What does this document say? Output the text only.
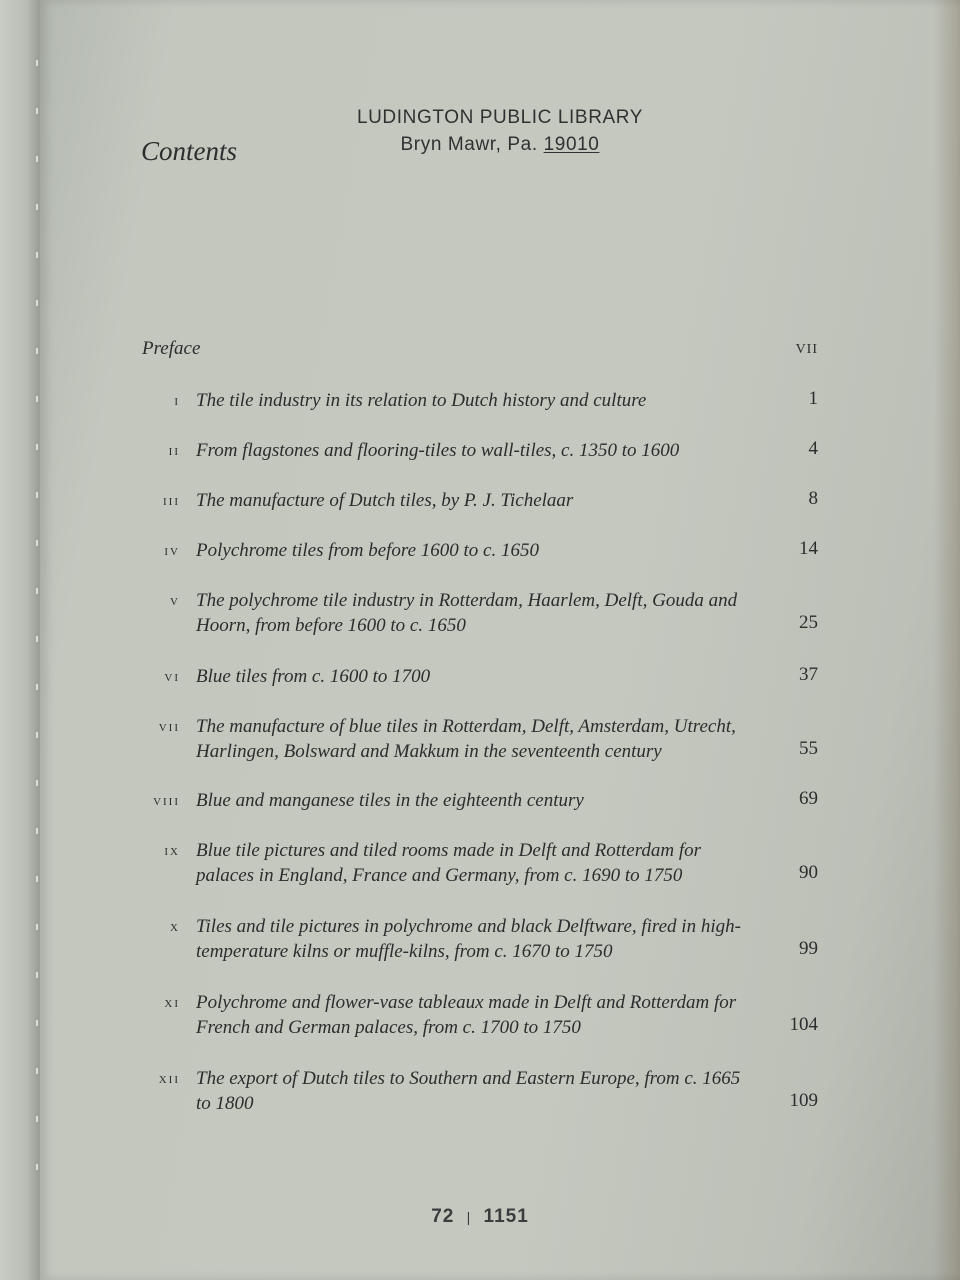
LUDINGTON PUBLIC LIBRARY
Bryn Mawr, Pa. 19010
Contents
Preface	VII
i The tile industry in its relation to Dutch history and culture	1
ii From flagstones and flooring-tiles to wall-tiles, c. 1350 to 1600	4
iii The manufacture of Dutch tiles, by P. J. Tichelaar	8
iv Polychrome tiles from before 1600 to c. 1650	14
v The polychrome tile industry in Rotterdam, Haarlem, Delft, Gouda and
Hoorn, from before 1600 to c. 1650	25
vi Blue tiles from c. 1600 to 1700	37
vii The manufacture of blue tiles in Rotterdam, Delft, Amsterdam, Utrecht,
Harlingen, Bolsward and Makkum in the seventeenth century	55
viii Blue and manganese tiles in the eighteenth century	69
ix Blue tile pictures and tiled rooms made in Delft and Rotterdam for
palaces in England, France and Germany, from c. 1690 to 1750	90
x Tiles and tile pictures in polychrome and black Delftware, fired in high-
temperature kilns or muffle-kilns, from c. 1670 to 1750	99
xi Polychrome and flower-vase tableaux made in Delft and Rotterdam for
French and German palaces, from c. 1700 to 1750	104
xii The export of Dutch tiles to Southern and Eastern Europe, from c. 1665
to 1800	109
72 | 1151
